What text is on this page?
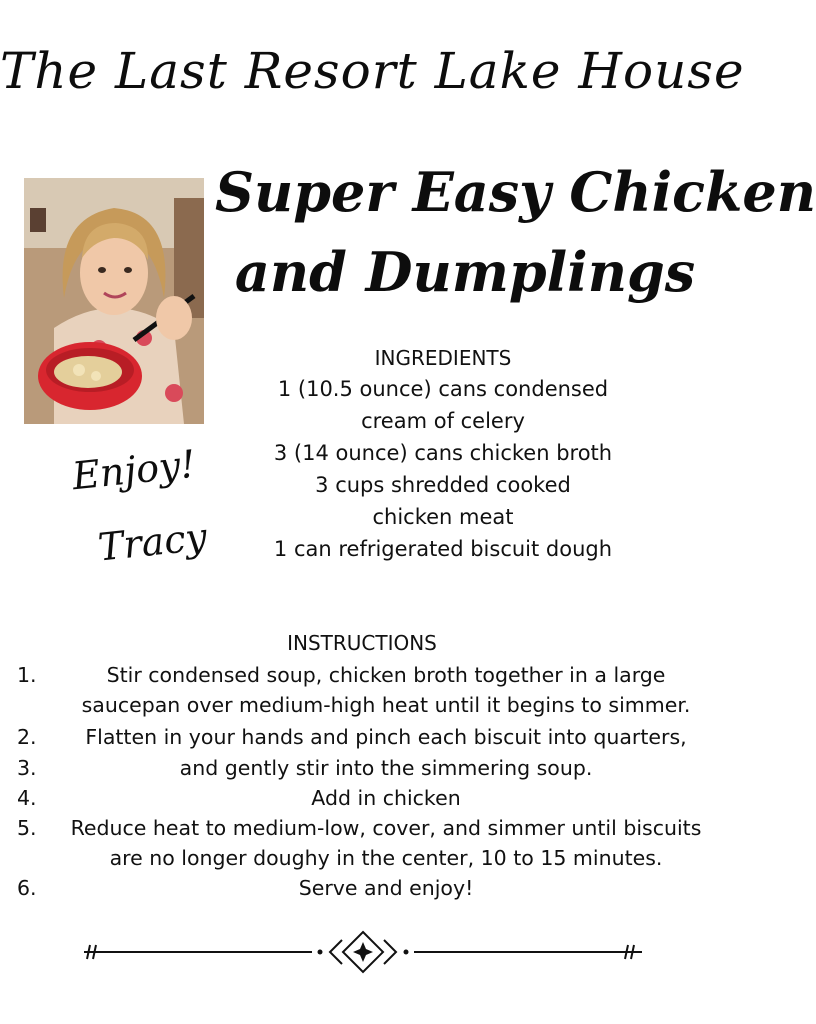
The Last Resort Lake House
Super Easy Chicken
and Dumplings
Enjoy!
Tracy
INGREDIENTS
1 (10.5 ounce) cans condensed
cream of celery
3 (14 ounce) cans chicken broth
3 cups shredded cooked
chicken meat
1 can refrigerated biscuit dough
INSTRUCTIONS
1.	Stir condensed soup, chicken broth together in a large
saucepan over medium-high heat until it begins to simmer.
2.	Flatten in your hands and pinch each biscuit into quarters,
3.	and gently stir into the simmering soup.
4.	Add in chicken
5.	Reduce heat to medium-low, cover, and simmer until biscuits
are no longer doughy in the center, 10 to 15 minutes.
6.	Serve and enjoy!
